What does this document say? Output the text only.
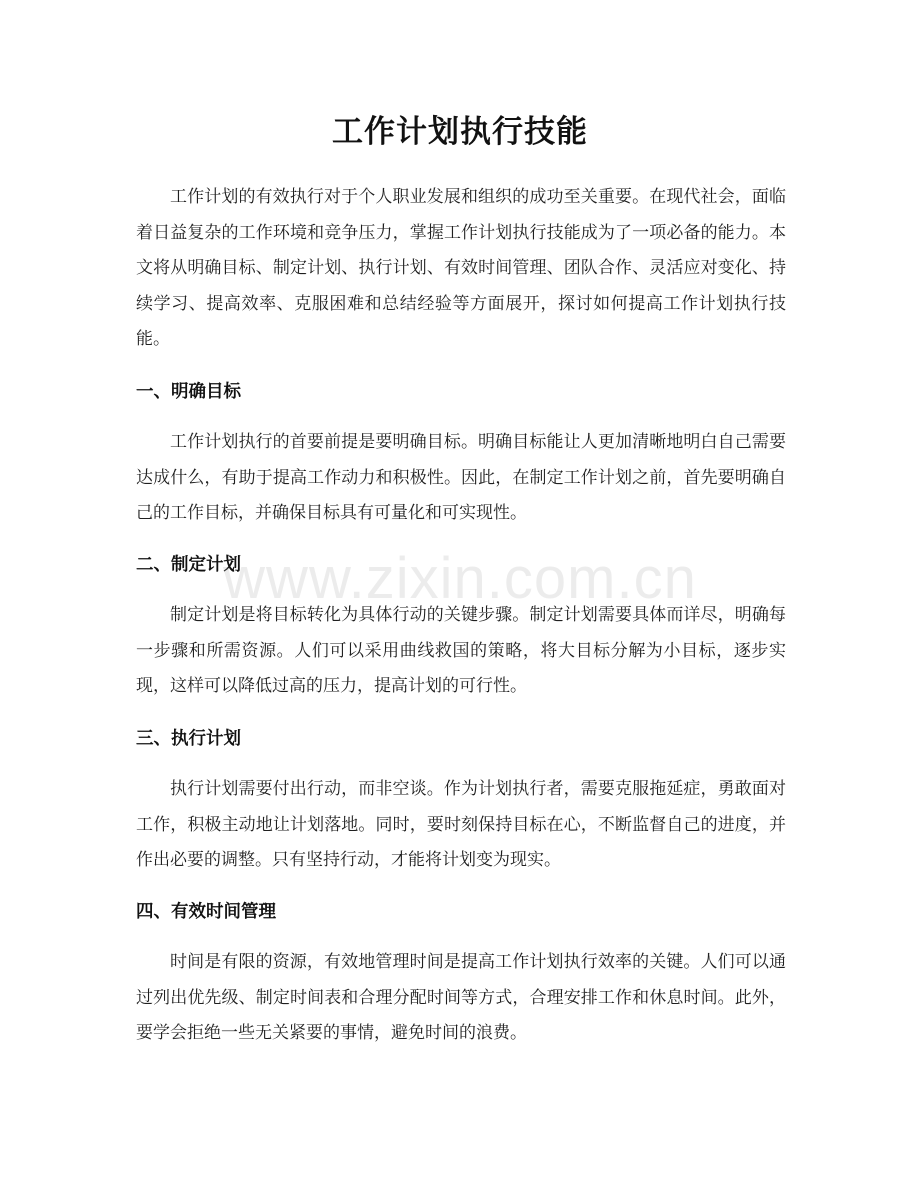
工作计划执行技能
工作计划的有效执行对于个人职业发展和组织的成功至关重要。在现代社会，面临着日益复杂的工作环境和竞争压力，掌握工作计划执行技能成为了一项必备的能力。本文将从明确目标、制定计划、执行计划、有效时间管理、团队合作、灵活应对变化、持续学习、提高效率、克服困难和总结经验等方面展开，探讨如何提高工作计划执行技能。
一、明确目标
工作计划执行的首要前提是要明确目标。明确目标能让人更加清晰地明白自己需要达成什么，有助于提高工作动力和积极性。因此，在制定工作计划之前，首先要明确自己的工作目标，并确保目标具有可量化和可实现性。
二、制定计划
制定计划是将目标转化为具体行动的关键步骤。制定计划需要具体而详尽，明确每一步骤和所需资源。人们可以采用曲线救国的策略，将大目标分解为小目标，逐步实现，这样可以降低过高的压力，提高计划的可行性。
三、执行计划
执行计划需要付出行动，而非空谈。作为计划执行者，需要克服拖延症，勇敢面对工作，积极主动地让计划落地。同时，要时刻保持目标在心，不断监督自己的进度，并作出必要的调整。只有坚持行动，才能将计划变为现实。
四、有效时间管理
时间是有限的资源，有效地管理时间是提高工作计划执行效率的关键。人们可以通过列出优先级、制定时间表和合理分配时间等方式，合理安排工作和休息时间。此外，要学会拒绝一些无关紧要的事情，避免时间的浪费。
www.zixin.com.cn
